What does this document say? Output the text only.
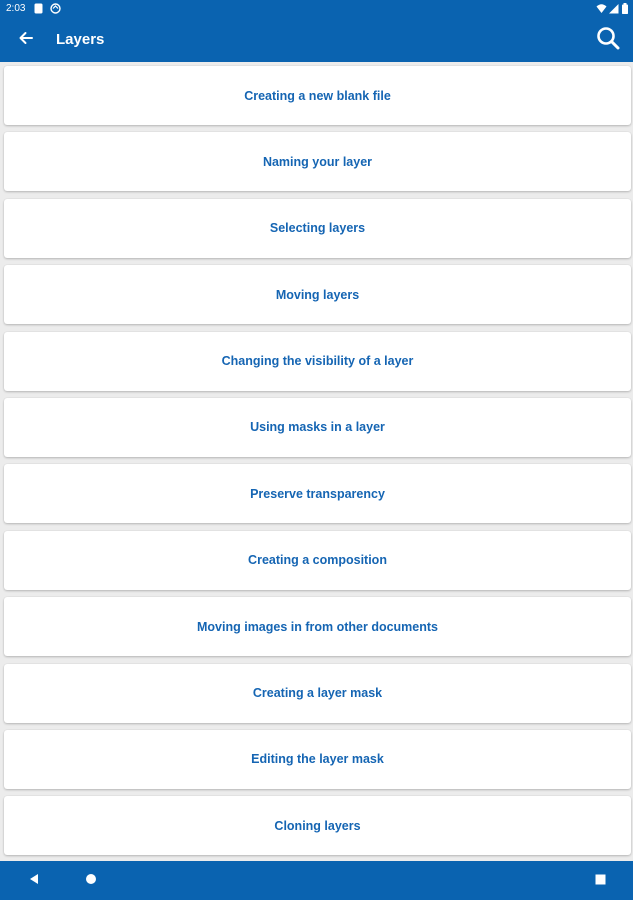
2:03
Layers
Creating a new blank file
Naming your layer
Selecting layers
Moving layers
Changing the visibility of a layer
Using masks in a layer
Preserve transparency
Creating a composition
Moving images in from other documents
Creating a layer mask
Editing the layer mask
Cloning layers
